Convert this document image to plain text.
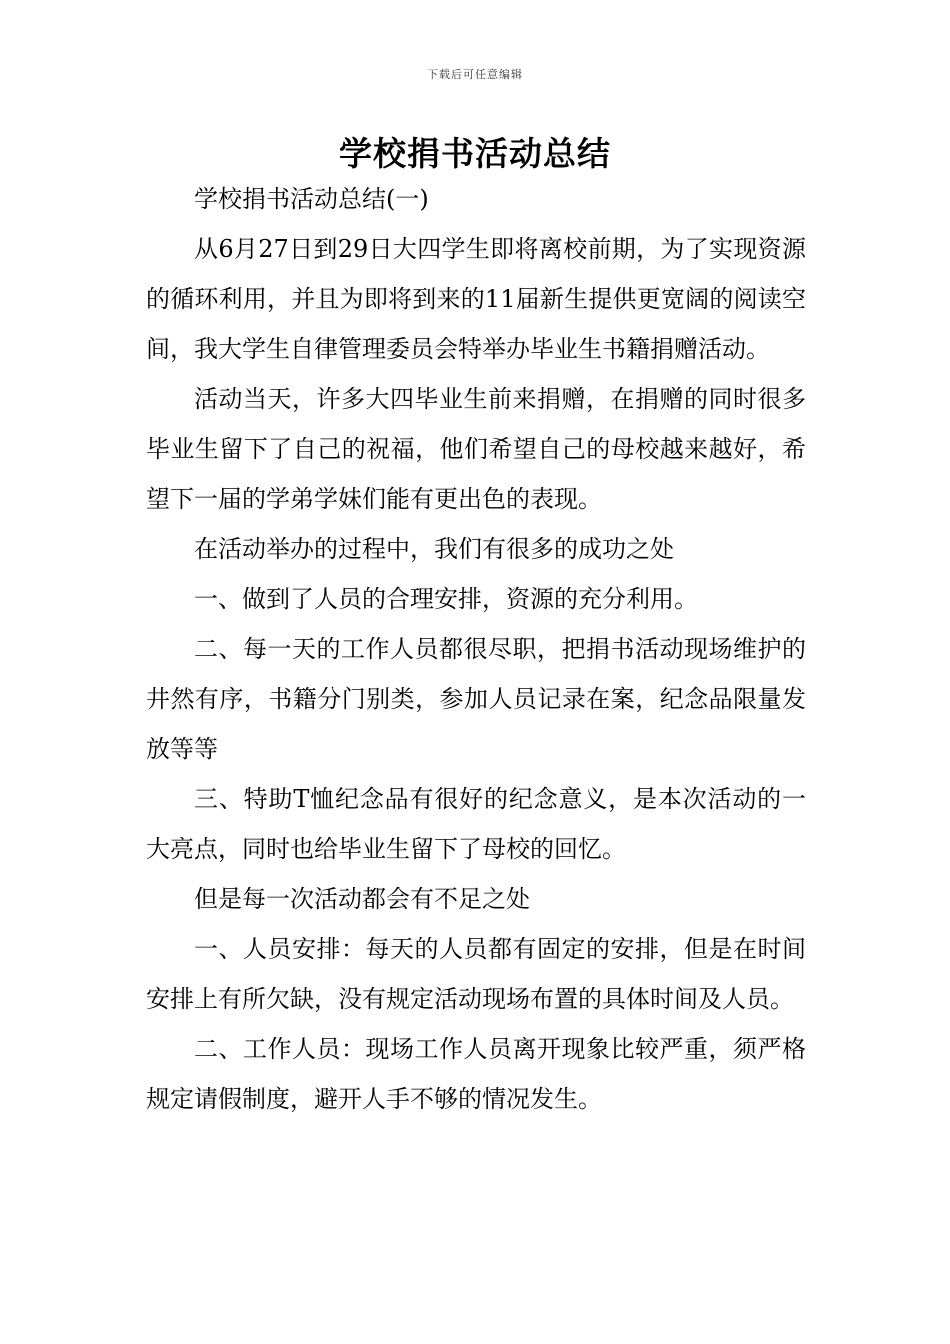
下载后可任意编辑
学校捐书活动总结

学校捐书活动总结(一)

从6月27日到29日大四学生即将离校前期，为了实现资源的循环利用，并且为即将到来的11届新生提供更宽阔的阅读空间，我大学生自律管理委员会特举办毕业生书籍捐赠活动。

活动当天，许多大四毕业生前来捐赠，在捐赠的同时很多毕业生留下了自己的祝福，他们希望自己的母校越来越好，希望下一届的学弟学妹们能有更出色的表现。

在活动举办的过程中，我们有很多的成功之处

一、做到了人员的合理安排，资源的充分利用。

二、每一天的工作人员都很尽职，把捐书活动现场维护的井然有序，书籍分门别类，参加人员记录在案，纪念品限量发放等等

三、特助T恤纪念品有很好的纪念意义，是本次活动的一大亮点，同时也给毕业生留下了母校的回忆。

但是每一次活动都会有不足之处

一、人员安排：每天的人员都有固定的安排，但是在时间安排上有所欠缺，没有规定活动现场布置的具体时间及人员。

二、工作人员：现场工作人员离开现象比较严重，须严格规定请假制度，避开人手不够的情况发生。
